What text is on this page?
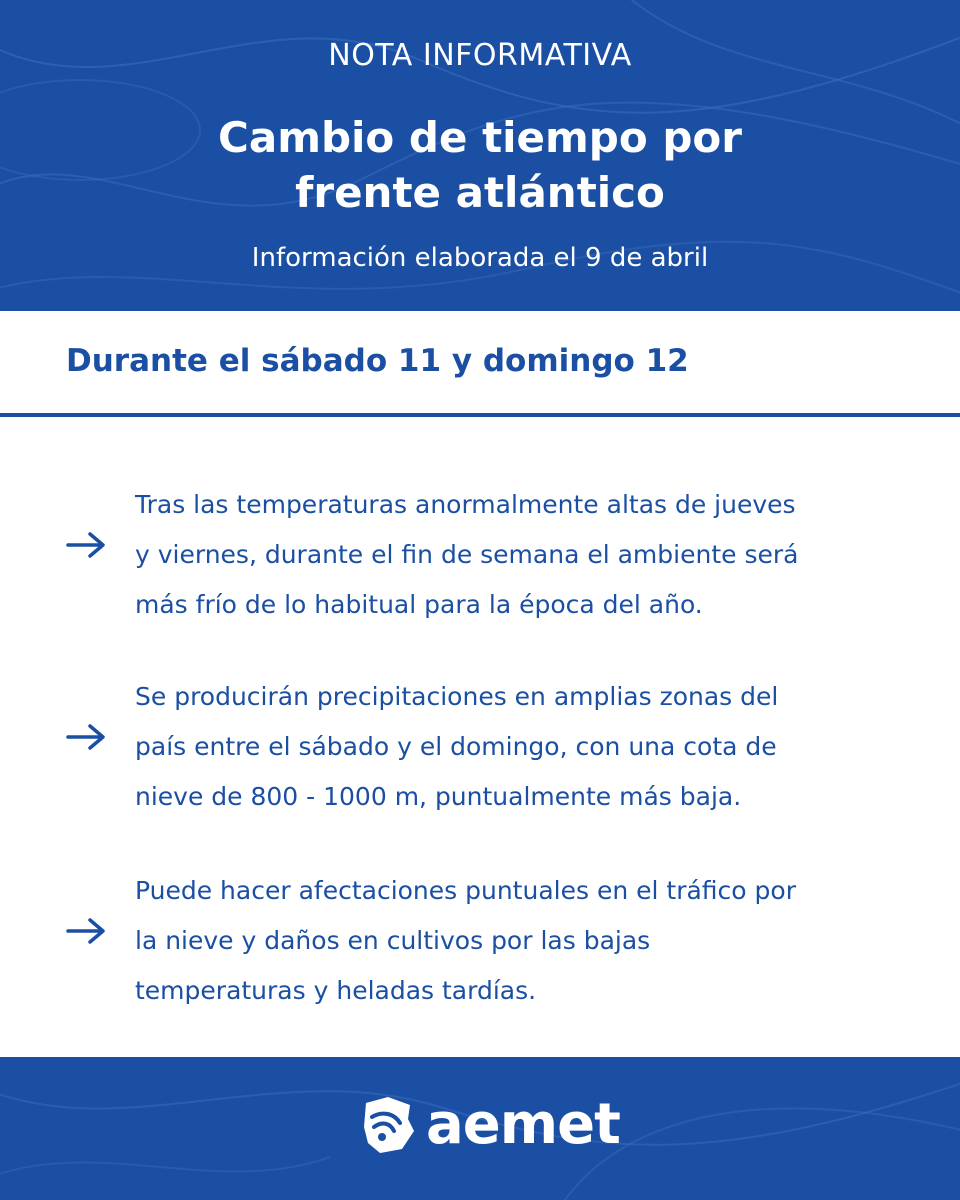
NOTA INFORMATIVA
Cambio de tiempo por
frente atlántico
Información elaborada el 9 de abril
Durante el sábado 11 y domingo 12
Tras las temperaturas anormalmente altas de jueves
y viernes, durante el fin de semana el ambiente será
más frío de lo habitual para la época del año.
Se producirán precipitaciones en amplias zonas del
país entre el sábado y el domingo, con una cota de
nieve de 800 - 1000 m, puntualmente más baja.
Puede hacer afectaciones puntuales en el tráfico por
la nieve y daños en cultivos por las bajas
temperaturas y heladas tardías.
aemet
